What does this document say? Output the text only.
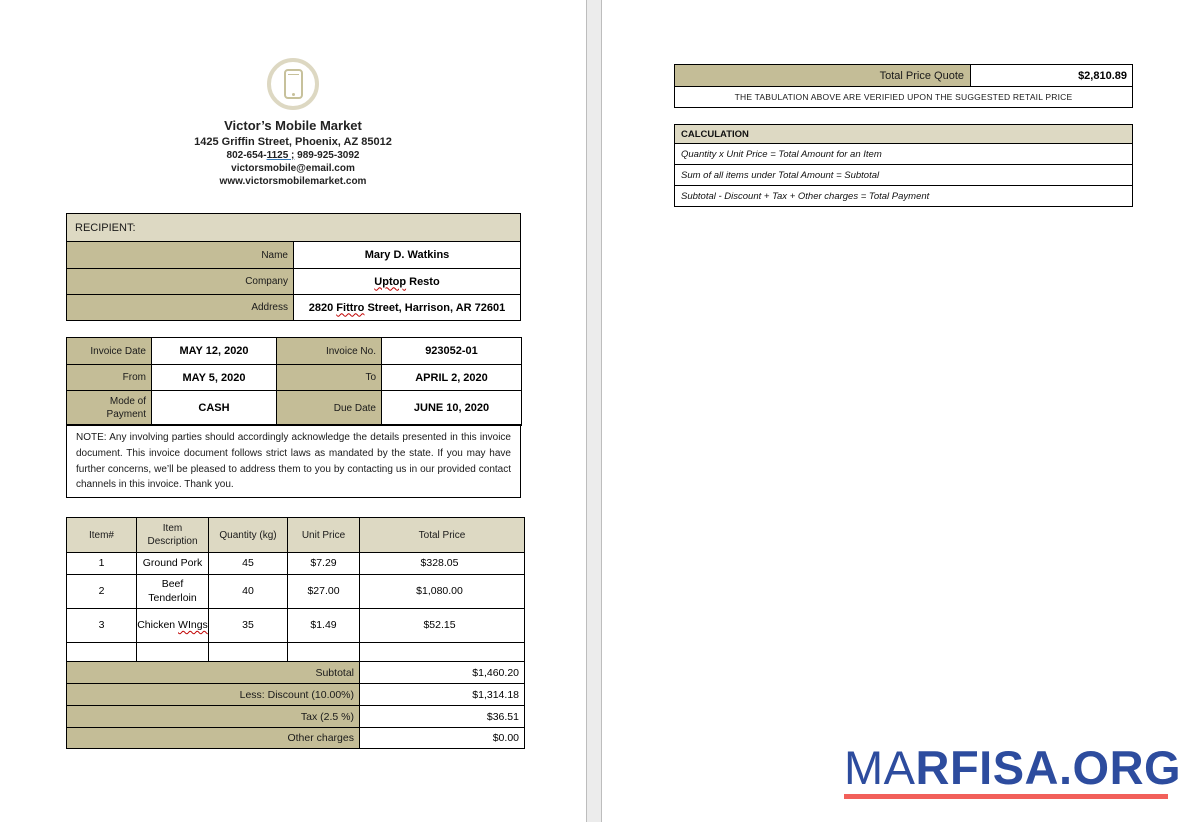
Victor’s Mobile Market
1425 Griffin Street, Phoenix, AZ 85012
802-654-1125 ; 989-925-3092
victorsmobile@email.com
www.victorsmobilemarket.com
RECIPIENT:	
Name	Mary D. Watkins
Company	Uptop Resto
Address	2820 Fittro Street, Harrison, AR 72601
Invoice Date	MAY 12, 2020	Invoice No.	923052-01
From	MAY 5, 2020	To	APRIL 2, 2020
Mode of Payment	CASH	Due Date	JUNE 10, 2020
NOTE: Any involving parties should accordingly acknowledge the details presented in this invoice document. This invoice document follows strict laws as mandated by the state. If you may have further concerns, we’ll be pleased to address them to you by contacting us in our provided contact channels in this invoice. Thank you.
Item#	Item Description	Quantity (kg)	Unit Price	Total Price
1	Ground Pork	45	$7.29	$328.05
2	Beef Tenderloin	40	$27.00	$1,080.00
3	Chicken WIngs	35	$1.49	$52.15

Subtotal				$1,460.20
Less: Discount (10.00%)				$1,314.18
Tax (2.5 %)				$36.51
Other charges				$0.00
Total Price Quote	$2,810.89
THE TABULATION ABOVE ARE VERIFIED UPON THE SUGGESTED RETAIL PRICE
CALCULATION
Quantity x Unit Price = Total Amount for an Item
Sum of all items under Total Amount = Subtotal
Subtotal - Discount + Tax + Other charges = Total Payment
MARFISA.ORG
